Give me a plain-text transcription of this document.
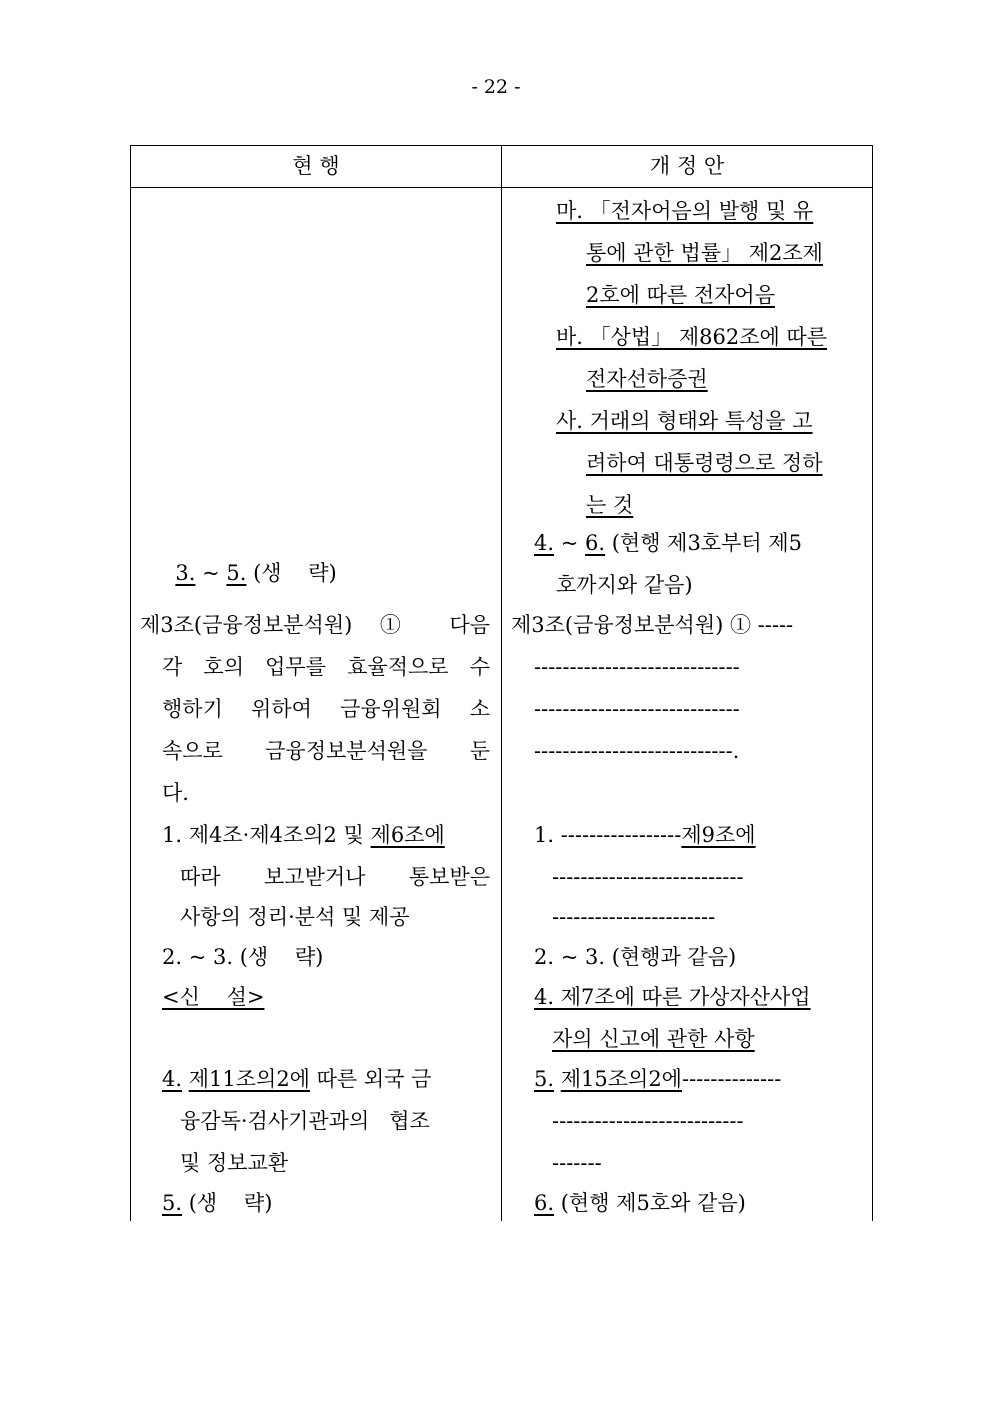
- 22 -
현 행	개 정 안

3. ~ 5. (생    략)

제3조(금융정보분석원) ① 다음
각 호의 업무를 효율적으로 수
행하기 위하여 금융위원회 소
속으로 금융정보분석원을 둔
다.
1. 제4조·제4조의2 및 제6조에
따라 보고받거나 통보받은
사항의 정리·분석 및 제공
2. ~ 3. (생    략)
<신    설>
4. 제11조의2에 따른 외국 금
융감독·검사기관과의   협조
및 정보교환
5. (생    략)
마. 「전자어음의 발행 및 유
통에 관한 법률」 제2조제
2호에 따른 전자어음
바. 「상법」 제862조에 따른
전자선하증권
사. 거래의 형태와 특성을 고
려하여 대통령령으로 정하
는 것
4. ~ 6. (현행 제3호부터 제5
호까지와 같음)
제3조(금융정보분석원) ① -----
-----------------------------
-----------------------------
----------------------------.
1. -----------------제9조에
---------------------------
-----------------------
2. ~ 3. (현행과 같음)
4. 제7조에 따른 가상자산사업
자의 신고에 관한 사항
5. 제15조의2에--------------
---------------------------
-------
6. (현행 제5호와 같음)
